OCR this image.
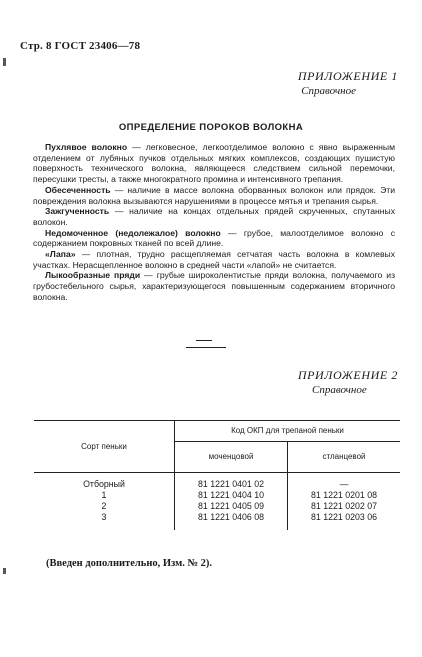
Стр. 8 ГОСТ 23406—78
ПРИЛОЖЕНИЕ 1
Справочное
ОПРЕДЕЛЕНИЕ ПОРОКОВ ВОЛОКНА

Пухлявое волокно — легковесное, легкоотделимое волокно с явно выраженным отделением от лубяных пучков отдельных мягких комплексов, создающих пушистую поверхность технического волокна, являющееся следствием сильной перемочки, пересушки тресты, а также многократного промина и интенсивного трепания.

Обесеченность — наличие в массе волокна оборванных волокон или прядок. Эти повреждения волокна вызываются нарушениями в процессе мятья и трепания сырья.

Зажгученность — наличие на концах отдельных прядей скрученных, спутанных волокон.

Недомоченное (недолежалое) волокно — грубое, малоотделимое волокно с содержанием покровных тканей по всей длине.

«Лапа» — плотная, трудно расщепляемая сетчатая часть волокна в комлевых участках. Нерасщепленное волокно в средней части «лапой» не считается.

Лыкообразные пряди — грубые широколентистые пряди волокна, получаемого из грубостебельного сырья, характеризующегося повышенным содержанием вторичного волокна.

ПРИЛОЖЕНИЕ 2
Справочное
Сорт пеньки
Код ОКП для трепаной пеньки
моченцовой	стланцевой
Отборный	81 1221 0401 02	—
1	81 1221 0404 10	81 1221 0201 08
2	81 1221 0405 09	81 1221 0202 07
3	81 1221 0406 08	81 1221 0203 06
(Введен дополнительно, Изм. № 2).
